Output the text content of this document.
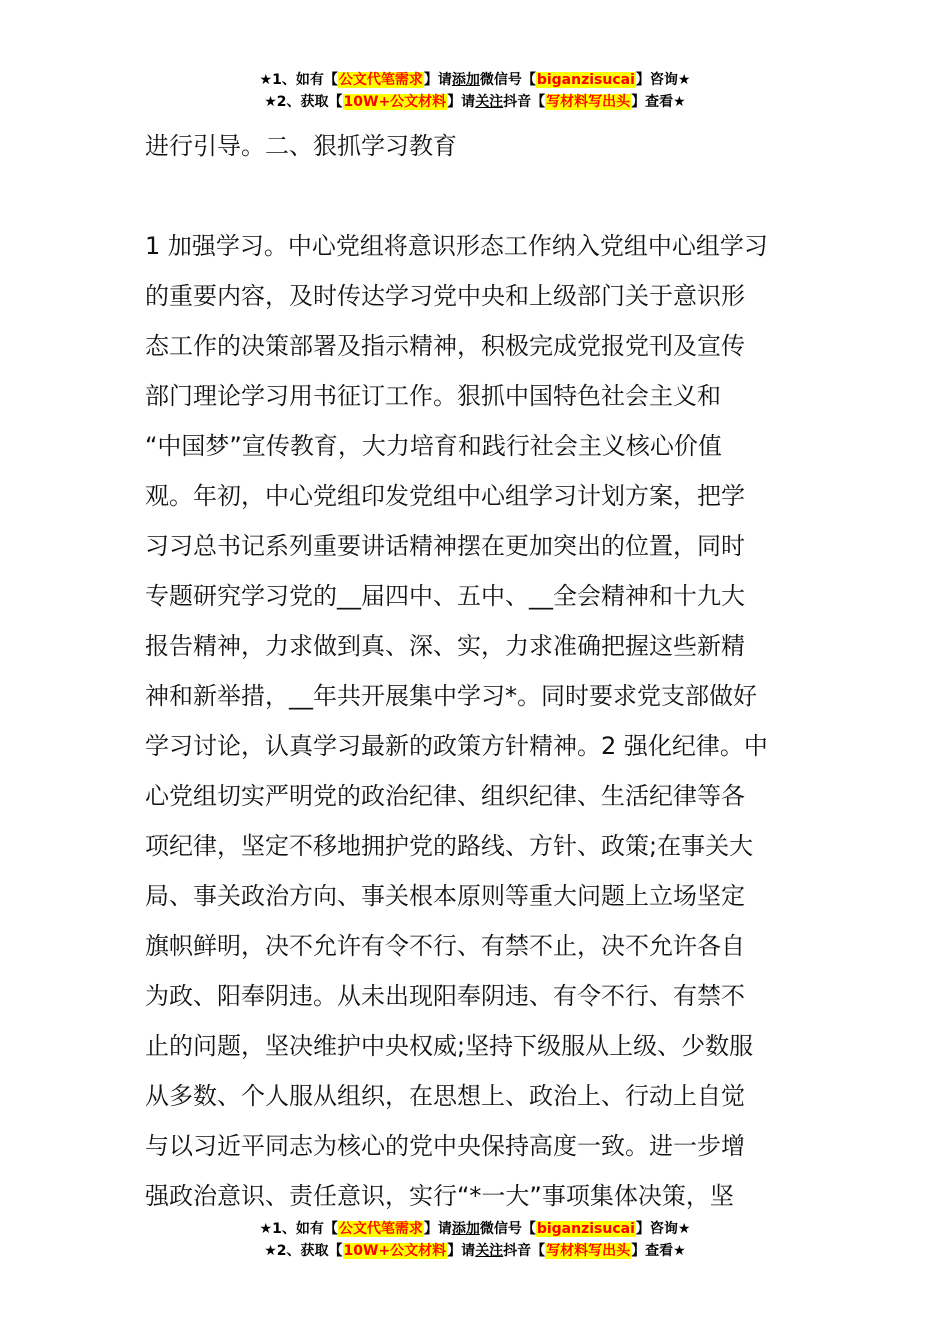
★1、如有【公文代笔需求】请添加微信号【biganzisucai】咨询★
★2、获取【10W+公文材料】请关注抖音【写材料写出头】查看★
进行引导。二、狠抓学习教育
1 加强学习。中心党组将意识形态工作纳入党组中心组学习
的重要内容，及时传达学习党中央和上级部门关于意识形
态工作的决策部署及指示精神，积极完成党报党刊及宣传
部门理论学习用书征订工作。狠抓中国特色社会主义和
“中国梦”宣传教育，大力培育和践行社会主义核心价值
观。年初，中心党组印发党组中心组学习计划方案，把学
习习总书记系列重要讲话精神摆在更加突出的位置，同时
专题研究学习党的__届四中、五中、__全会精神和十九大
报告精神，力求做到真、深、实，力求准确把握这些新精
神和新举措，__年共开展集中学习*。同时要求党支部做好
学习讨论，认真学习最新的政策方针精神。2 强化纪律。中
心党组切实严明党的政治纪律、组织纪律、生活纪律等各
项纪律，坚定不移地拥护党的路线、方针、政策;在事关大
局、事关政治方向、事关根本原则等重大问题上立场坚定
旗帜鲜明，决不允许有令不行、有禁不止，决不允许各自
为政、阳奉阴违。从未出现阳奉阴违、有令不行、有禁不
止的问题，坚决维护中央权威;坚持下级服从上级、少数服
从多数、个人服从组织，在思想上、政治上、行动上自觉
与以习近平同志为核心的党中央保持高度一致。进一步增
强政治意识、责任意识，实行“*一大”事项集体决策，坚
★1、如有【公文代笔需求】请添加微信号【biganzisucai】咨询★
★2、获取【10W+公文材料】请关注抖音【写材料写出头】查看★
